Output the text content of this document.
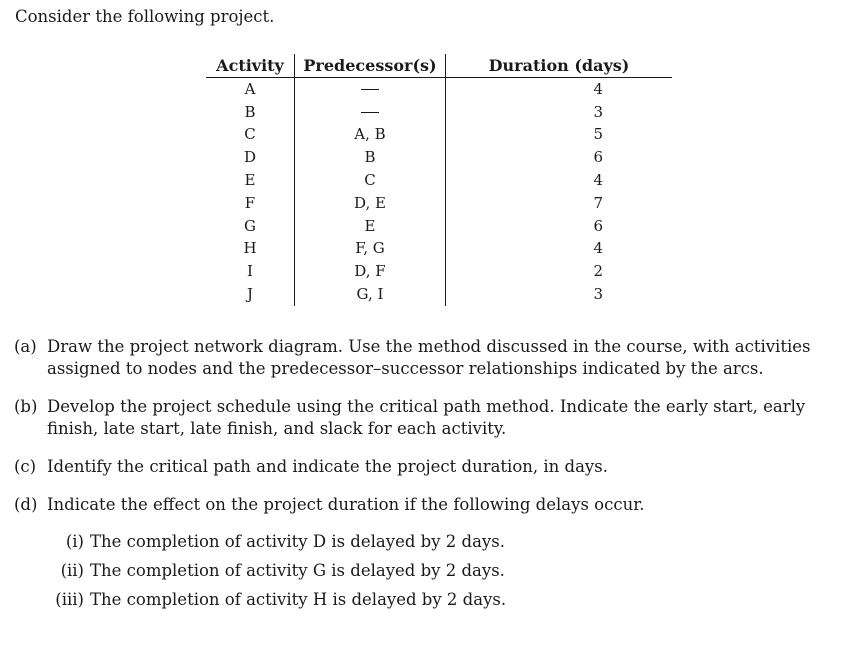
Consider the following project.

Activity	Predecessor(s)	Duration (days)
A		4
B		3
C	A, B	5
D	B	6
E	C	4
F	D, E	7
G	E	6
H	F, G	4
I	D, F	2
J	G, I	3
(a) Draw the project network diagram. Use the method discussed in the course, with activities assigned to nodes and the predecessor–successor relationships indicated by the arcs.
(b) Develop the project schedule using the critical path method. Indicate the early start, early finish, late start, late finish, and slack for each activity.
(c) Identify the critical path and indicate the project duration, in days.
(d) Indicate the effect on the project duration if the following delays occur.
(i) The completion of activity D is delayed by 2 days.
(ii) The completion of activity G is delayed by 2 days.
(iii) The completion of activity H is delayed by 2 days.
